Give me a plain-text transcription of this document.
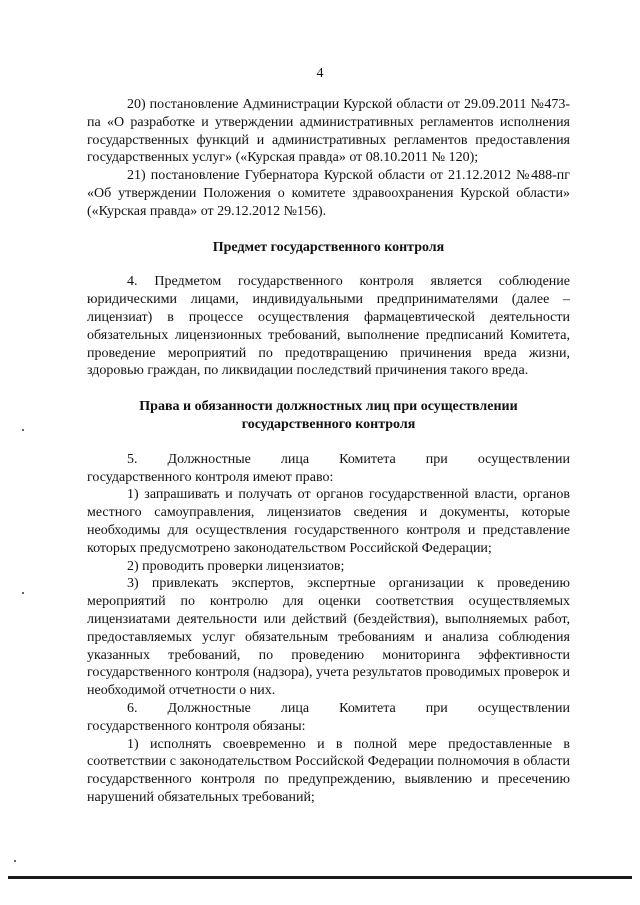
4

20) постановление Администрации Курской области от 29.09.2011 №473-па «О разработке и утверждении административных регламентов исполнения государственных функций и административных регламентов предоставления государственных услуг» («Курская правда» от 08.10.2011 № 120);

21) постановление Губернатора Курской области от 21.12.2012 №488-пг «Об утверждении Положения о комитете здравоохранения Курской области» («Курская правда» от 29.12.2012 №156).

Предмет государственного контроля

4. Предметом государственного контроля является соблюдение юридическими лицами, индивидуальными предпринимателями (далее – лицензиат) в процессе осуществления фармацевтической деятельности обязательных лицензионных требований, выполнение предписаний Комитета, проведение мероприятий по предотвращению причинения вреда жизни, здоровью граждан, по ликвидации последствий причинения такого вреда.

Права и обязанности должностных лиц при осуществлении

государственного контроля

5. Должностные лица Комитета при осуществлении

государственного контроля имеют право:

1) запрашивать и получать от органов государственной власти, органов местного самоуправления, лицензиатов сведения и документы, которые необходимы для осуществления государственного контроля и представление которых предусмотрено законодательством Российской Федерации;

2) проводить проверки лицензиатов;

3) привлекать экспертов, экспертные организации к проведению мероприятий по контролю для оценки соответствия осуществляемых лицензиатами деятельности или действий (бездействия), выполняемых работ, предоставляемых услуг обязательным требованиям и анализа соблюдения указанных требований, по проведению мониторинга эффективности государственного контроля (надзора), учета результатов проводимых проверок и необходимой отчетности о них.

6. Должностные лица Комитета при осуществлении

государственного контроля обязаны:

1) исполнять своевременно и в полной мере предоставленные в соответствии с законодательством Российской Федерации полномочия в области государственного контроля по предупреждению, выявлению и пресечению нарушений обязательных требований;
